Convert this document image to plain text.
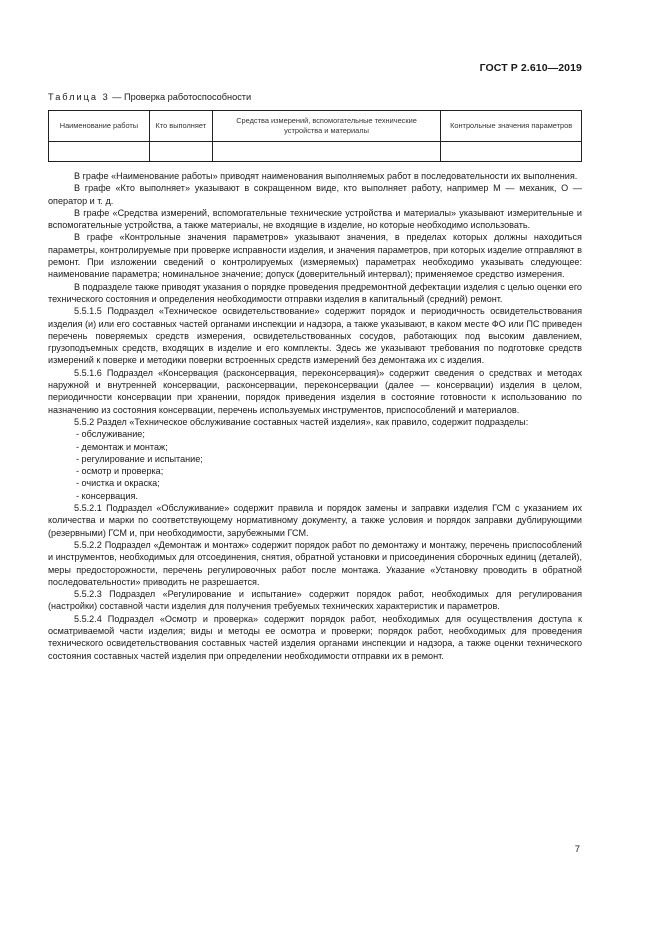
ГОСТ Р 2.610—2019
Таблица 3 — Проверка работоспособности
Наименование работы	Кто выполняет	Средства измерений, вспомогательные технические устройства и материалы	Контрольные значения параметров

В графе «Наименование работы» приводят наименования выполняемых работ в последовательности их выполнения.

В графе «Кто выполняет» указывают в сокращенном виде, кто выполняет работу, например М — механик, О — оператор и т. д.

В графе «Средства измерений, вспомогательные технические устройства и материалы» указывают измерительные и вспомогательные устройства, а также материалы, не входящие в изделие, но которые необходимо использовать.

В графе «Контрольные значения параметров» указывают значения, в пределах которых должны находиться параметры, контролируемые при проверке исправности изделия, и значения параметров, при которых изделие отправляют в ремонт. При изложении сведений о контролируемых (измеряемых) параметрах необходимо указывать следующее: наименование параметра; номинальное значение; допуск (доверительный интервал); применяемое средство измерения.

В подразделе также приводят указания о порядке проведения предремонтной дефектации изделия с целью оценки его технического состояния и определения необходимости отправки изделия в капитальный (средний) ремонт.

5.5.1.5 Подраздел «Техническое освидетельствование» содержит порядок и периодичность освидетельствования изделия (и) или его составных частей органами инспекции и надзора, а также указывают, в каком месте ФО или ПС приведен перечень поверяемых средств измерения, освидетельствованных сосудов, работающих под высоким давлением, грузоподъемных средств, входящих в изделие и его комплекты. Здесь же указывают требования по подготовке средств измерений к поверке и методики поверки встроенных средств измерений без демонтажа их с изделия.

5.5.1.6 Подраздел «Консервация (расконсервация, переконсервация)» содержит сведения о средствах и методах наружной и внутренней консервации, расконсервации, переконсервации (далее — консервации) изделия в целом, периодичности консервации при хранении, порядок приведения изделия в состояние готовности к использованию по назначению из состояния консервации, перечень используемых инструментов, приспособлений и материалов.

5.5.2 Раздел «Техническое обслуживание составных частей изделия», как правило, содержит подразделы:

- обслуживание;

- демонтаж и монтаж;

- регулирование и испытание;

- осмотр и проверка;

- очистка и окраска;

- консервация.

5.5.2.1 Подраздел «Обслуживание» содержит правила и порядок замены и заправки изделия ГСМ с указанием их количества и марки по соответствующему нормативному документу, а также условия и порядок заправки дублирующими (резервными) ГСМ и, при необходимости, зарубежными ГСМ.

5.5.2.2 Подраздел «Демонтаж и монтаж» содержит порядок работ по демонтажу и монтажу, перечень приспособлений и инструментов, необходимых для отсоединения, снятия, обратной установки и присоединения сборочных единиц (деталей), меры предосторожности, перечень регулировочных работ после монтажа. Указание «Установку проводить в обратной последовательности» приводить не разрешается.

5.5.2.3 Подраздел «Регулирование и испытание» содержит порядок работ, необходимых для регулирования (настройки) составной части изделия для получения требуемых технических характеристик и параметров.

5.5.2.4 Подраздел «Осмотр и проверка» содержит порядок работ, необходимых для осуществления доступа к осматриваемой части изделия; виды и методы ее осмотра и проверки; порядок работ, необходимых для проведения технического освидетельствования составных частей изделия органами инспекции и надзора, а также оценки технического состояния составных частей изделия при определении необходимости отправки их в ремонт.

7
